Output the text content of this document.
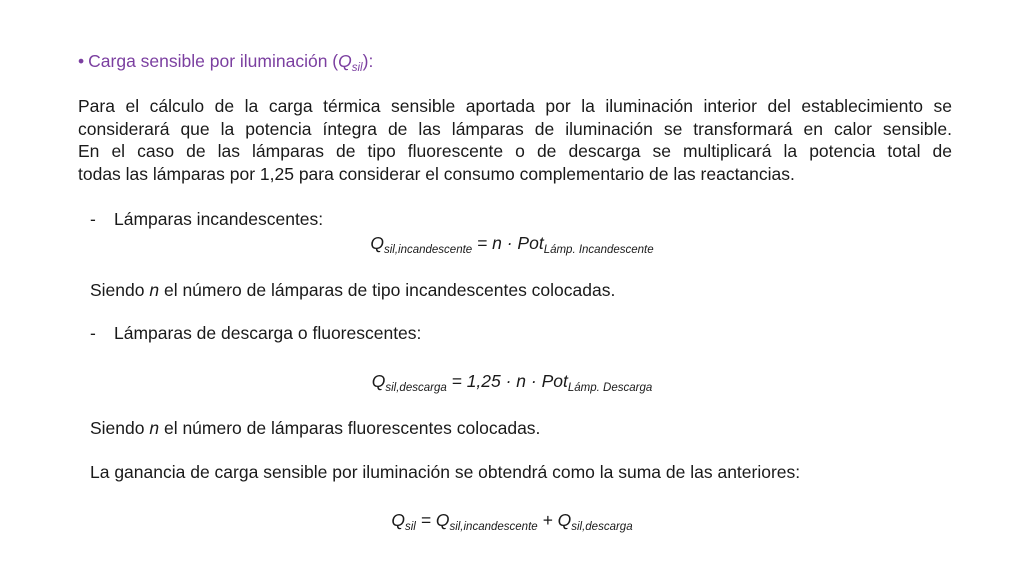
• Carga sensible por iluminación $(Q_{sil})$:
Para el cálculo de la carga térmica sensible aportada por la iluminación interior del establecimiento se
considerará que la potencia íntegra de las lámparas de iluminación se transformará en calor sensible.
En el caso de las lámparas de tipo fluorescente o de descarga se multiplicará la potencia total de
todas las lámparas por 1,25 para considerar el consumo complementario de las reactancias.
- Lámparas incandescentes:
$Q_{sil,incandescente} = n \cdot Pot_{Lámp. Incandescente}$
Siendo n el número de lámparas de tipo incandescentes colocadas.
- Lámparas de descarga o fluorescentes:
$Q_{sil,descarga} = 1,25 \cdot n \cdot Pot_{Lámp. Descarga}$
Siendo n el número de lámparas fluorescentes colocadas.
La ganancia de carga sensible por iluminación se obtendrá como la suma de las anteriores:
$Q_{sil} = Q_{sil,incandescente} + Q_{sil,descarga}$
